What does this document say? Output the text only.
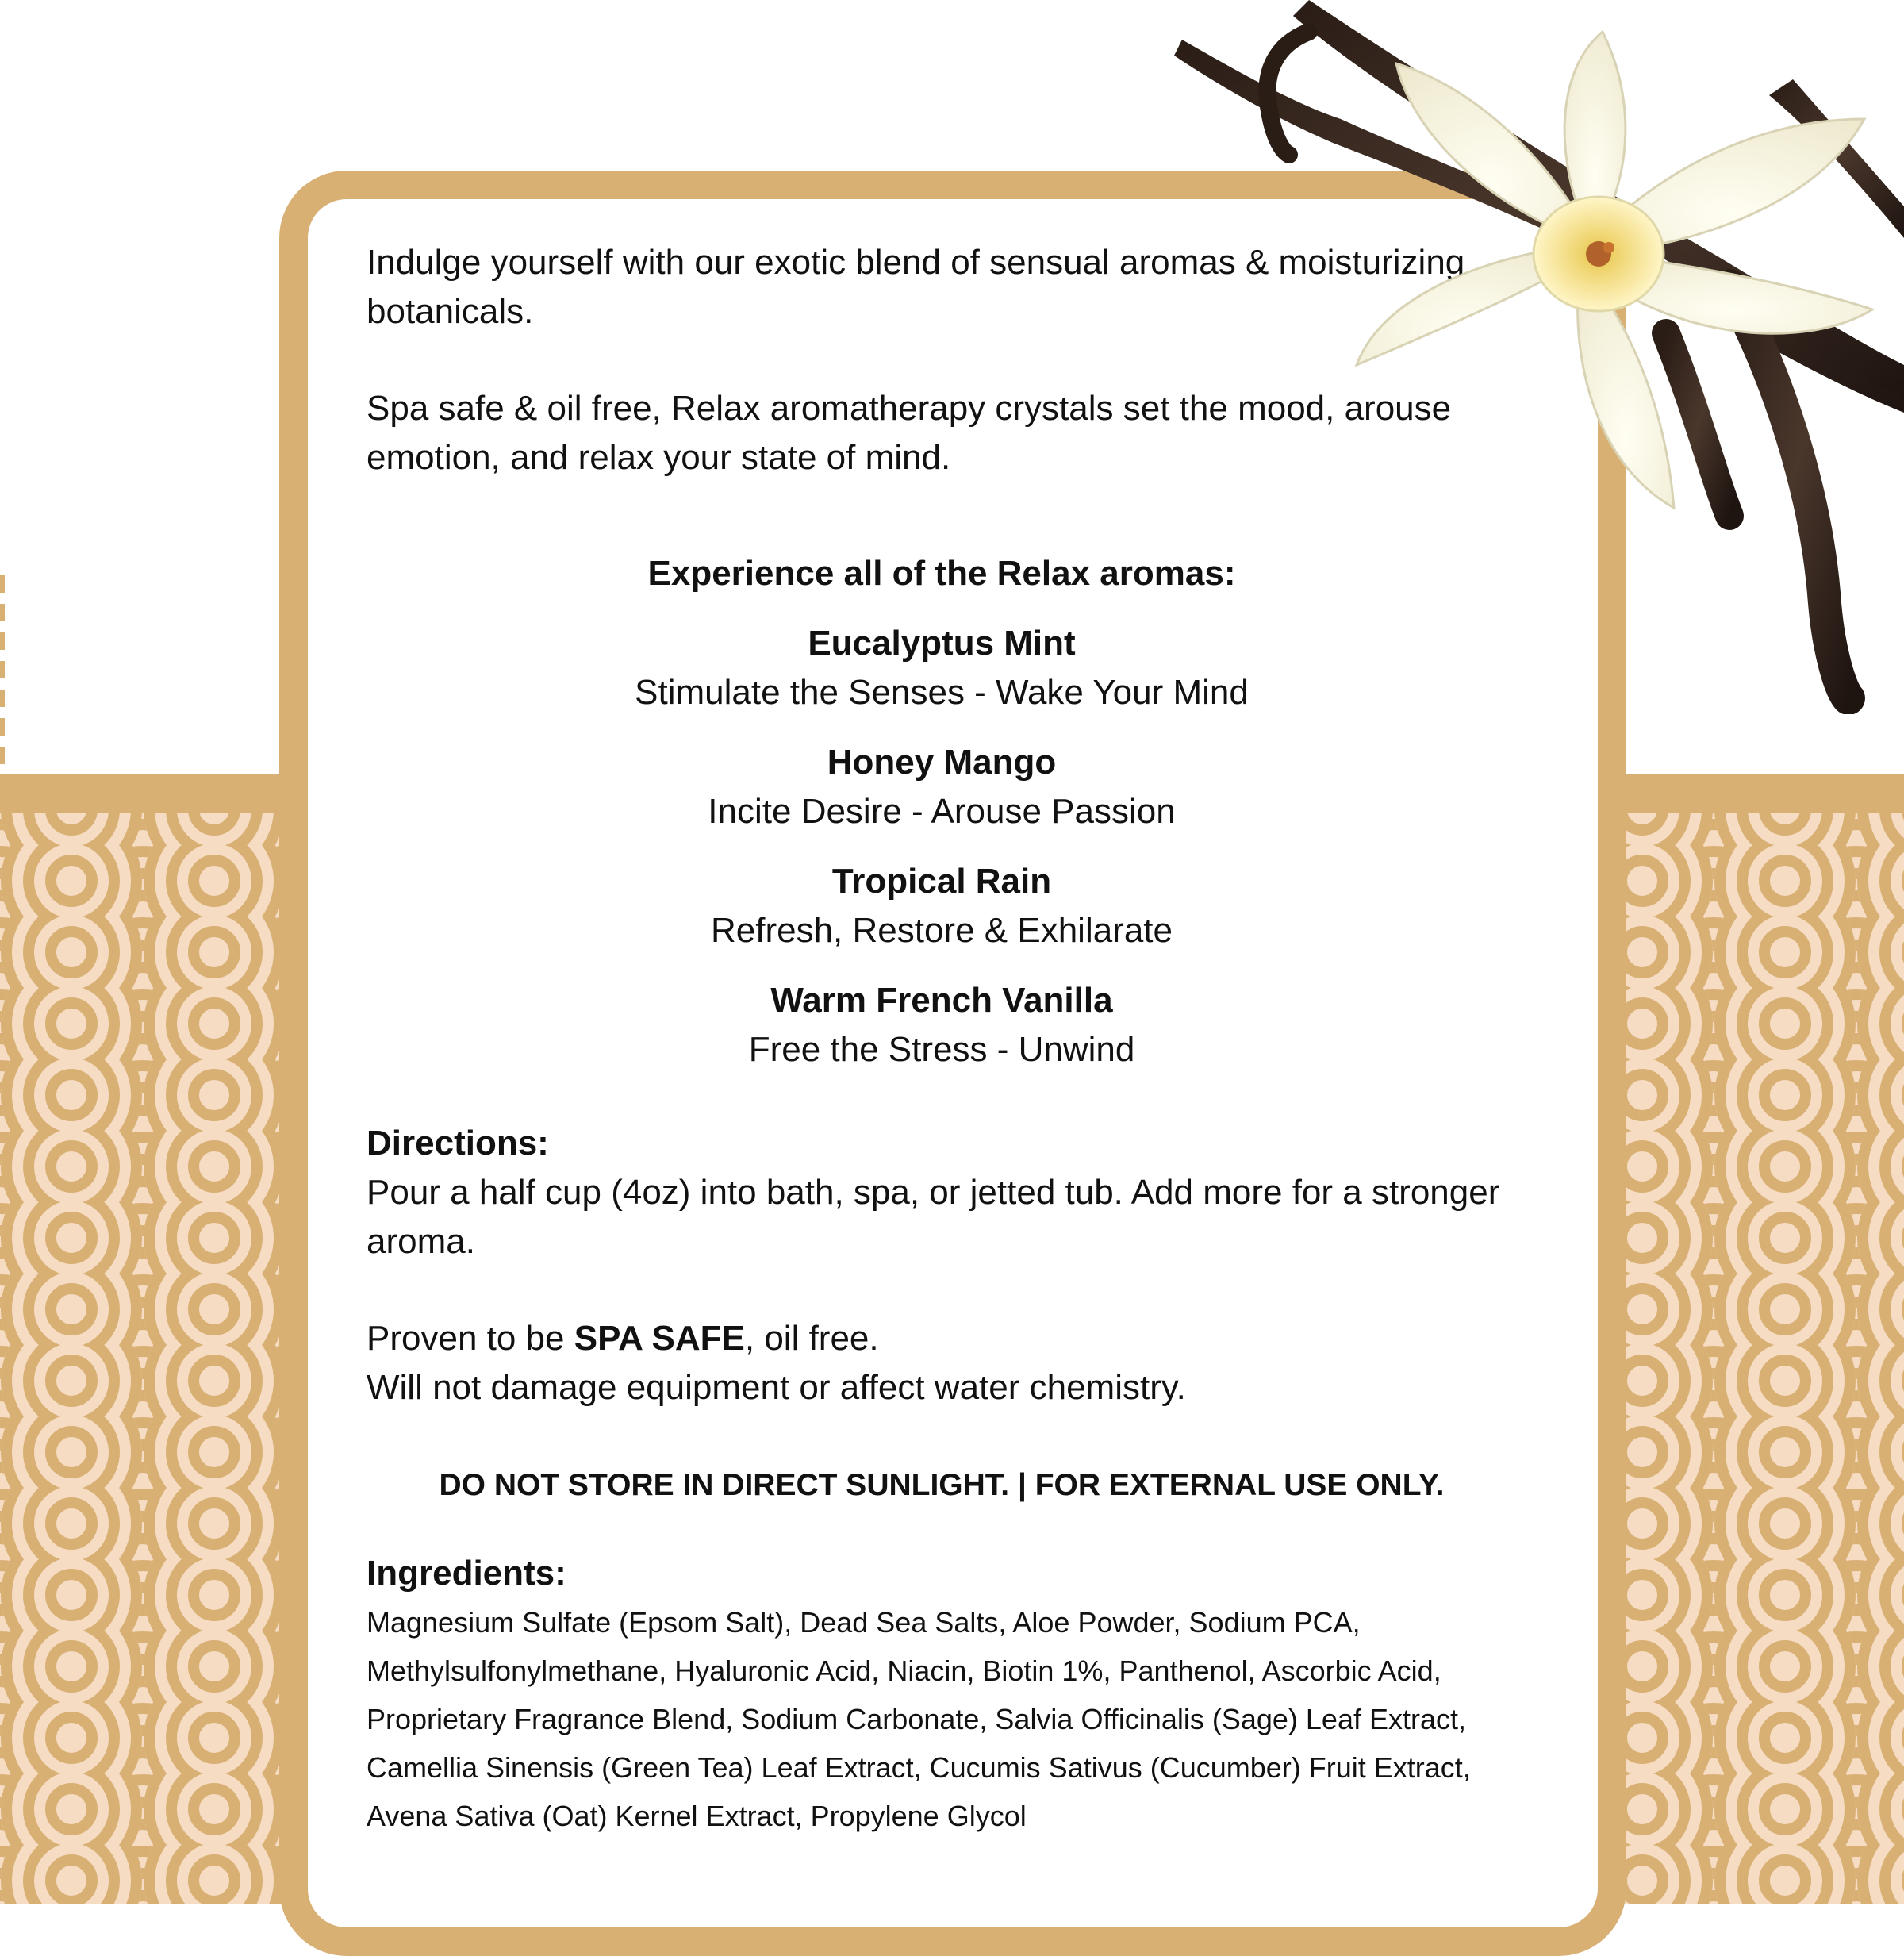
Indulge yourself with our exotic blend of sensual aromas & moisturizing botanicals.

Spa safe & oil free, Relax aromatherapy crystals set the mood, arouse emotion, and relax your state of mind.

Experience all of the Relax aromas:
Eucalyptus Mint
Stimulate the Senses - Wake Your Mind
Honey Mango
Incite Desire - Arouse Passion
Tropical Rain
Refresh, Restore & Exhilarate
Warm French Vanilla
Free the Stress - Unwind
Directions:

Pour a half cup (4oz) into bath, spa, or jetted tub. Add more for a stronger aroma.

Proven to be SPA SAFE, oil free.

Will not damage equipment or affect water chemistry.

DO NOT STORE IN DIRECT SUNLIGHT. | FOR EXTERNAL USE ONLY.
Ingredients:

Magnesium Sulfate (Epsom Salt), Dead Sea Salts, Aloe Powder, Sodium PCA, Methylsulfonylmethane, Hyaluronic Acid, Niacin, Biotin 1%, Panthenol, Ascorbic Acid, Proprietary Fragrance Blend, Sodium Carbonate, Salvia Officinalis (Sage) Leaf Extract, Camellia Sinensis (Green Tea) Leaf Extract, Cucumis Sativus (Cucumber) Fruit Extract, Avena Sativa (Oat) Kernel Extract, Propylene Glycol
